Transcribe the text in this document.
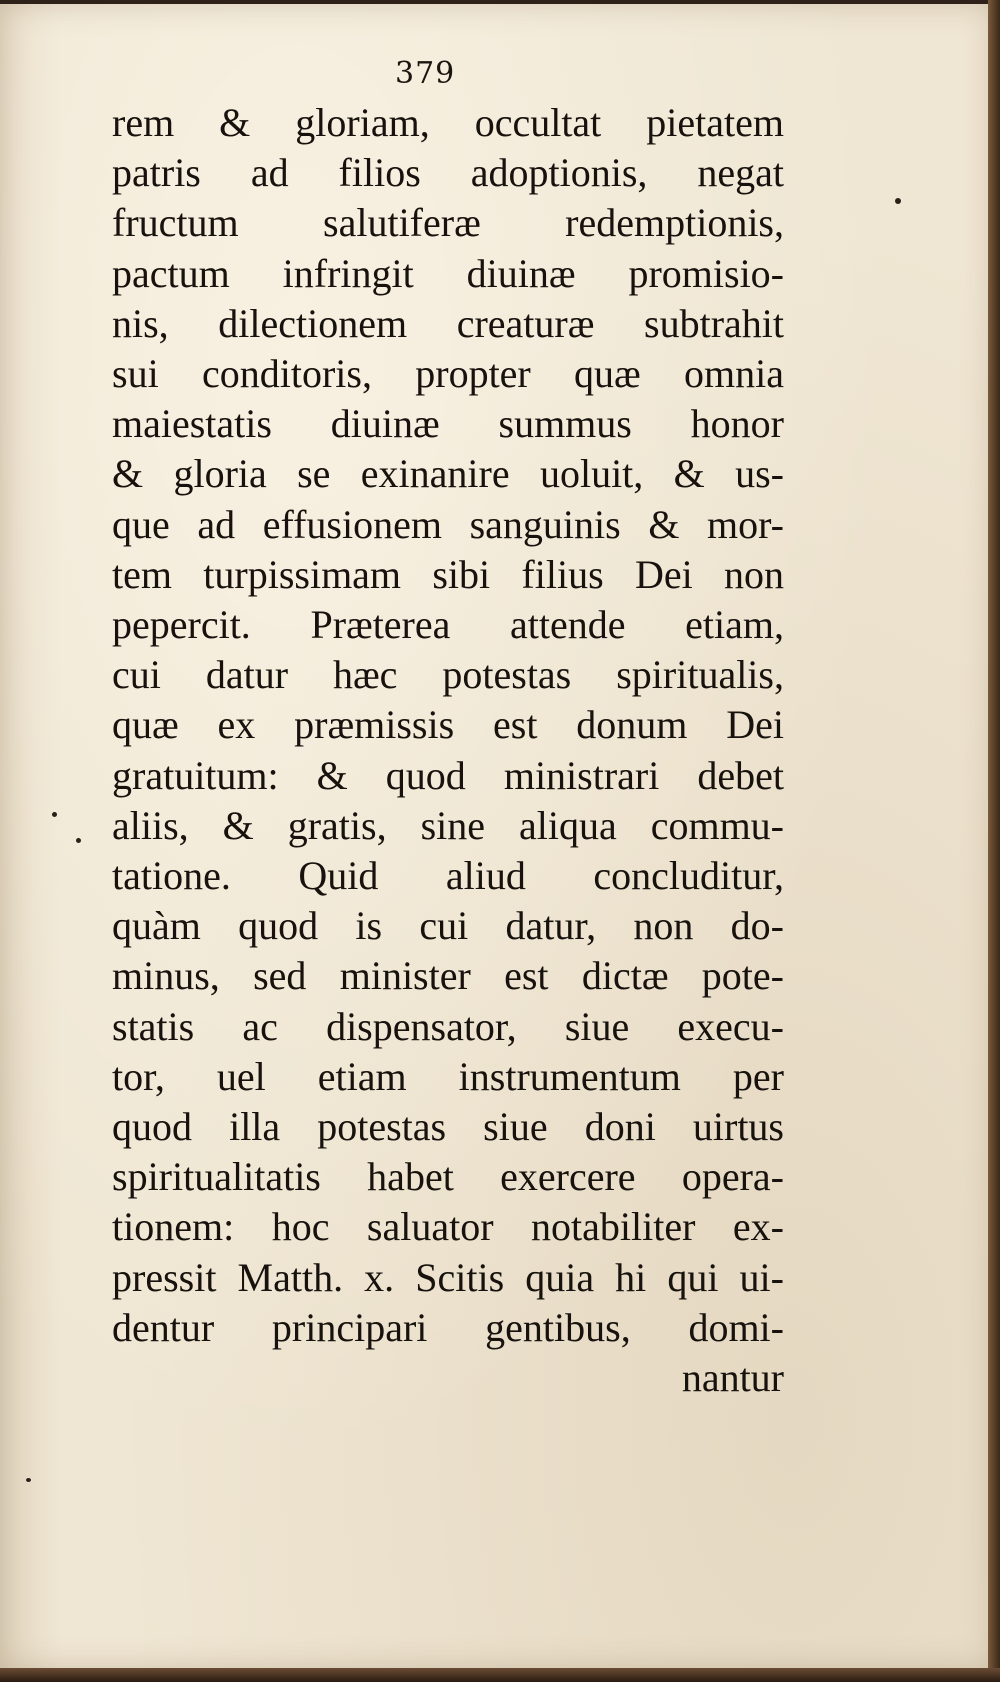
379
rem & gloriam, occultat pietatem
patris ad filios adoptionis, negat
fructum salutiferæ redemptionis,
pactum infringit diuinæ promisio-
nis, dilectionem creaturæ subtrahit
sui conditoris, propter quæ omnia
maiestatis diuinæ summus honor
& gloria se exinanire uoluit, & us-
que ad effusionem sanguinis & mor-
tem turpissimam sibi filius Dei non
pepercit. Præterea attende etiam,
cui datur hæc potestas spiritualis,
quæ ex præmissis est donum Dei
gratuitum: & quod ministrari debet
aliis, & gratis, sine aliqua commu-
tatione. Quid aliud concluditur,
quàm quod is cui datur, non do-
minus, sed minister est dictæ pote-
statis ac dispensator, siue execu-
tor, uel etiam instrumentum per
quod illa potestas siue doni uirtus
spiritualitatis habet exercere opera-
tionem: hoc saluator notabiliter ex-
pressit Matth. x. Scitis quia hi qui ui-
dentur principari gentibus, domi-
nantur
